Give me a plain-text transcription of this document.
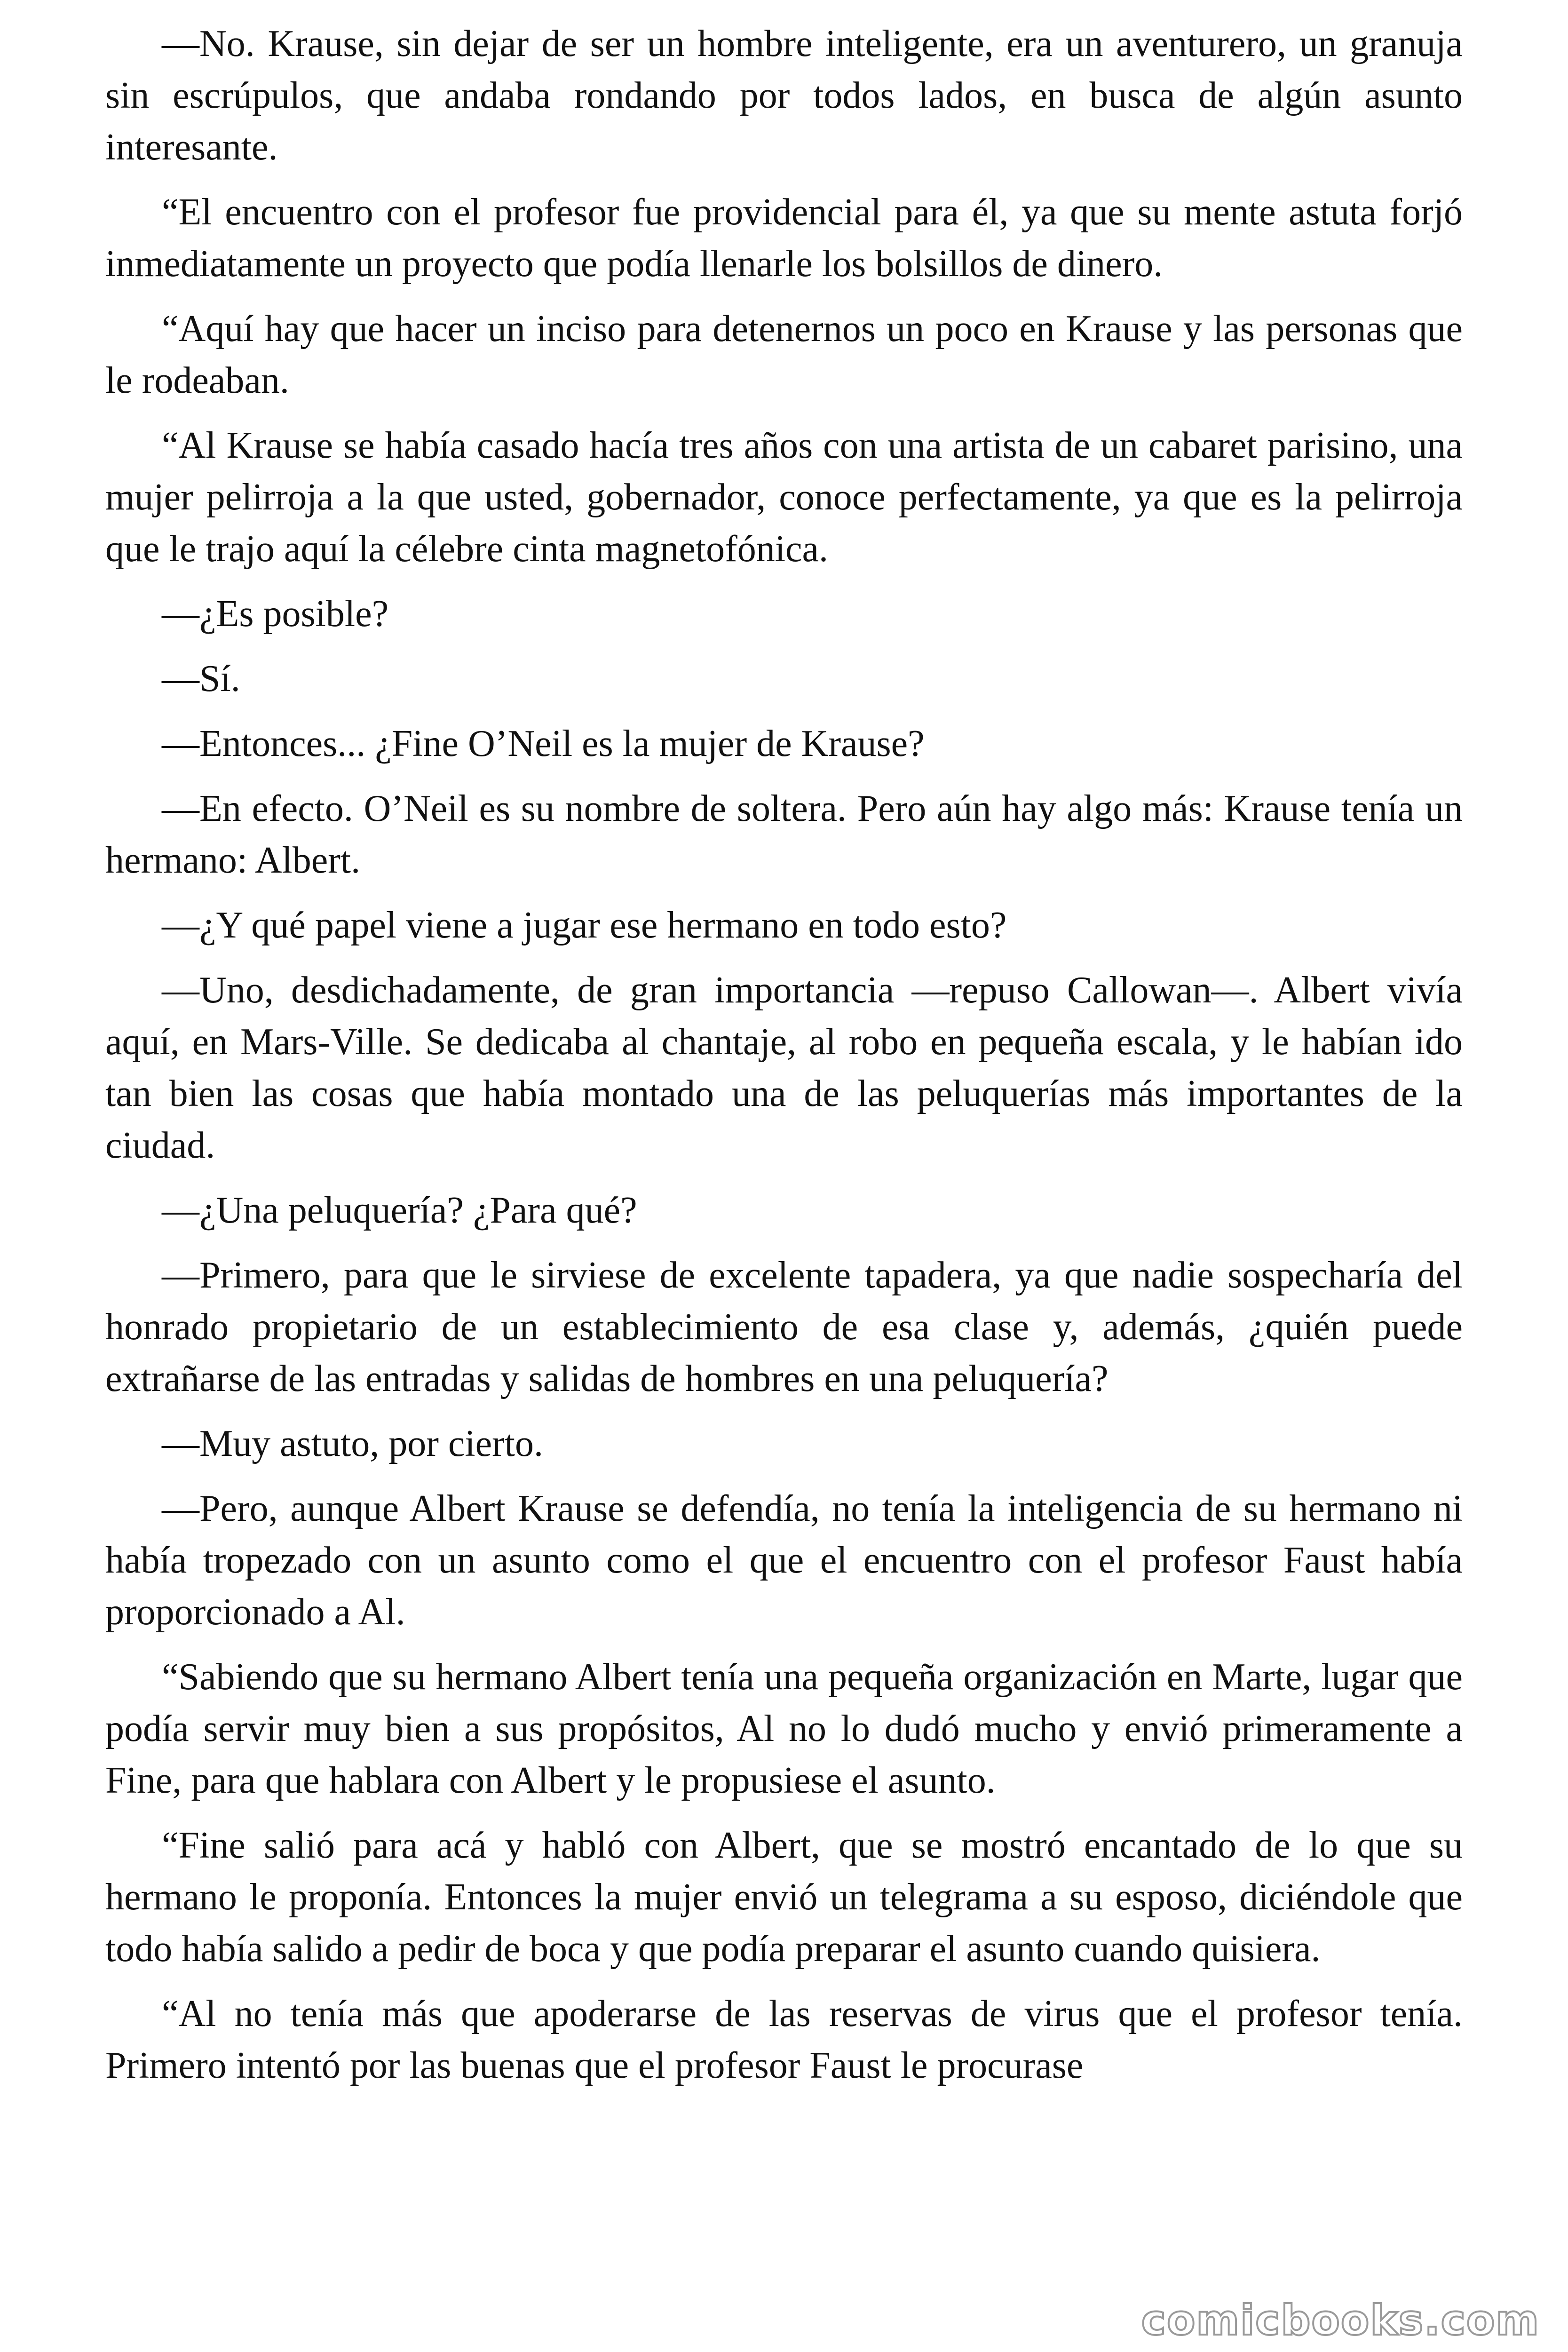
—No. Krause, sin dejar de ser un hombre inteligente, era un aventurero, un granuja sin escrúpulos, que andaba rondando por todos lados, en busca de algún asunto interesante.

“El encuentro con el profesor fue providencial para él, ya que su mente astuta forjó inmediatamente un proyecto que podía llenarle los bolsillos de dinero.

“Aquí hay que hacer un inciso para detenernos un poco en Krause y las personas que le rodeaban.

“Al Krause se había casado hacía tres años con una artista de un cabaret parisino, una mujer pelirroja a la que usted, gobernador, conoce perfectamente, ya que es la pelirroja que le trajo aquí la célebre cinta magnetofónica.

—¿Es posible?

—Sí.

—Entonces... ¿Fine O’Neil es la mujer de Krause?

—En efecto. O’Neil es su nombre de soltera. Pero aún hay algo más: Krause tenía un hermano: Albert.

—¿Y qué papel viene a jugar ese hermano en todo esto?

—Uno, desdichadamente, de gran importancia —repuso Callowan—. Albert vivía aquí, en Mars-Ville. Se dedicaba al chantaje, al robo en pequeña escala, y le habían ido tan bien las cosas que había montado una de las peluquerías más importantes de la ciudad.

—¿Una peluquería? ¿Para qué?

—Primero, para que le sirviese de excelente tapadera, ya que nadie sospecharía del honrado propietario de un establecimiento de esa clase y, además, ¿quién puede extrañarse de las entradas y salidas de hombres en una peluquería?

—Muy astuto, por cierto.

—Pero, aunque Albert Krause se defendía, no tenía la inteligencia de su hermano ni había tropezado con un asunto como el que el encuentro con el profesor Faust había proporcionado a Al.

“Sabiendo que su hermano Albert tenía una pequeña organización en Marte, lugar que podía servir muy bien a sus propósitos, Al no lo dudó mucho y envió primeramente a Fine, para que hablara con Albert y le propusiese el asunto.

“Fine salió para acá y habló con Albert, que se mostró encantado de lo que su hermano le proponía. Entonces la mujer envió un telegrama a su esposo, diciéndole que todo había salido a pedir de boca y que podía preparar el asunto cuando quisiera.

“Al no tenía más que apoderarse de las reservas de virus que el profesor tenía. Primero intentó por las buenas que el profesor Faust le procurase

comicbooks.com
